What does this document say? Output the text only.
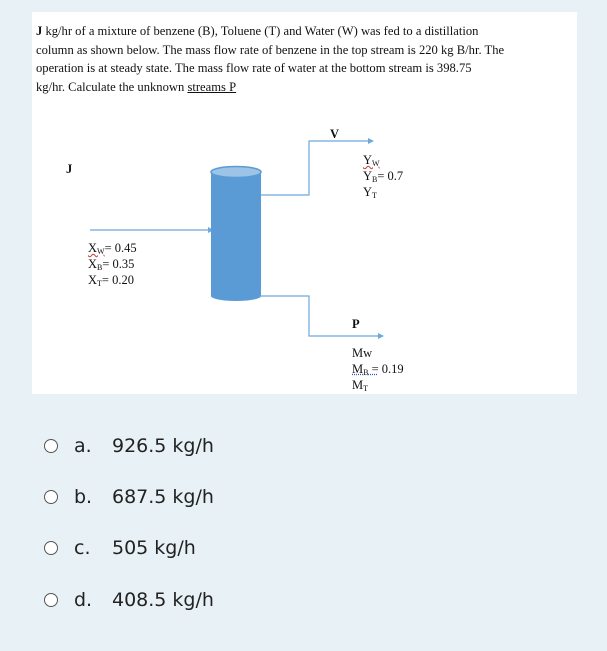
J kg/hr of a mixture of benzene (B), Toluene (T) and Water (W) was fed to a distillation
column as shown below. The mass flow rate of benzene in the top stream is 220 kg B/hr. The
operation is at steady state. The mass flow rate of water at the bottom stream is 398.75
kg/hr. Calculate the unknown streams P
J
$X_W= 0.45$
$X_B= 0.35$
$X_T= 0.20$
V
$Y_W$
$Y_B= 0.7$
$Y_T$
P
Mw
$M_B = 0.19$
$M_T$
a.	926.5 kg/h
b.	687.5 kg/h
c.	505 kg/h
d.	408.5 kg/h
